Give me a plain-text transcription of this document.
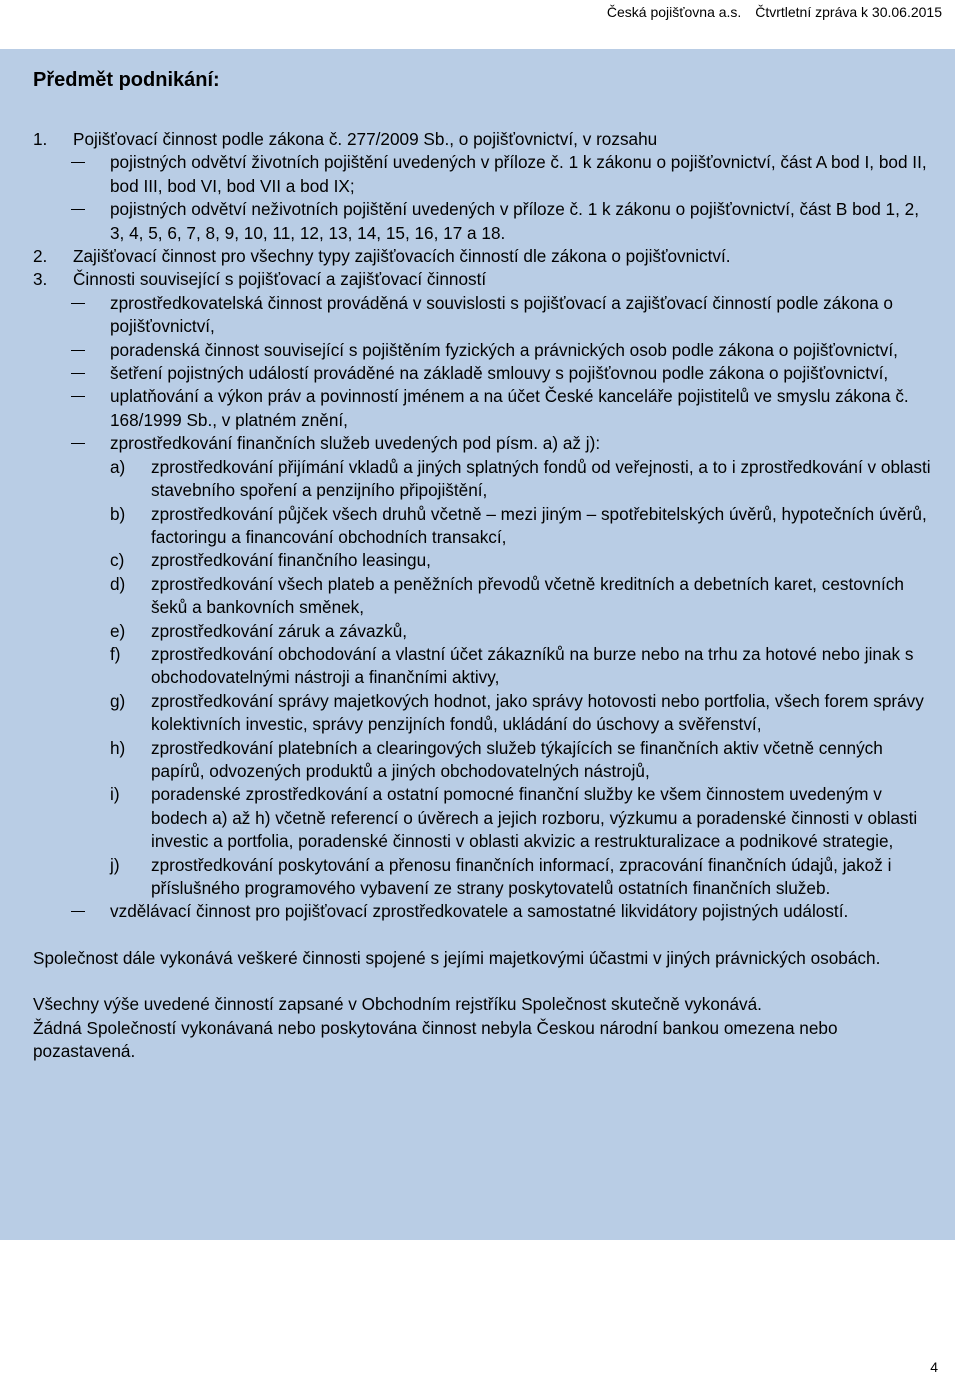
Česká pojišťovna a.s. Čtvrtletní zpráva k 30.06.2015
Předmět podnikání:
1. Pojišťovací činnost podle zákona č. 277/2009 Sb., o pojišťovnictví, v rozsahu
pojistných odvětví životních pojištění uvedených v příloze č. 1 k zákonu o pojišťovnictví, část A bod I, bod II, bod III, bod VI, bod VII a bod IX;
pojistných odvětví neživotních pojištění uvedených v příloze č. 1 k zákonu o pojišťovnictví, část B bod 1, 2, 3, 4, 5, 6, 7, 8, 9, 10, 11, 12, 13, 14, 15, 16, 17 a 18.
2. Zajišťovací činnost pro všechny typy zajišťovacích činností dle zákona o pojišťovnictví.
3. Činnosti související s pojišťovací a zajišťovací činností
zprostředkovatelská činnost prováděná v souvislosti s pojišťovací a zajišťovací činností podle zákona o pojišťovnictví,
poradenská činnost související s pojištěním fyzických a právnických osob podle zákona o pojišťovnictví,
šetření pojistných událostí prováděné na základě smlouvy s pojišťovnou podle zákona o pojišťovnictví,
uplatňování a výkon práv a povinností jménem a na účet České kanceláře pojistitelů ve smyslu zákona č. 168/1999 Sb., v platném znění,
zprostředkování finančních služeb uvedených pod písm. a) až j):
a) zprostředkování přijímání vkladů a jiných splatných fondů od veřejnosti, a to i zprostředkování v oblasti stavebního spoření a penzijního připojištění,
b) zprostředkování půjček všech druhů včetně – mezi jiným – spotřebitelských úvěrů, hypotečních úvěrů, factoringu a financování obchodních transakcí,
c) zprostředkování finančního leasingu,
d) zprostředkování všech plateb a peněžních převodů včetně kreditních a debetních karet, cestovních šeků a bankovních směnek,
e) zprostředkování záruk a závazků,
f) zprostředkování obchodování a vlastní účet zákazníků na burze nebo na trhu za hotové nebo jinak s obchodovatelnými nástroji a finančními aktivy,
g) zprostředkování správy majetkových hodnot, jako správy hotovosti nebo portfolia, všech forem správy kolektivních investic, správy penzijních fondů, ukládání do úschovy a svěřenství,
h) zprostředkování platebních a clearingových služeb týkajících se finančních aktiv včetně cenných papírů, odvozených produktů a jiných obchodovatelných nástrojů,
i) poradenské zprostředkování a ostatní pomocné finanční služby ke všem činnostem uvedeným v bodech a) až h) včetně referencí o úvěrech a jejich rozboru, výzkumu a poradenské činnosti v oblasti investic a portfolia, poradenské činnosti v oblasti akvizic a restrukturalizace a podnikové strategie,
j) zprostředkování poskytování a přenosu finančních informací, zpracování finančních údajů, jakož i příslušného programového vybavení ze strany poskytovatelů ostatních finančních služeb.
vzdělávací činnost pro pojišťovací zprostředkovatele a samostatné likvidátory pojistných událostí.
Společnost dále vykonává veškeré činnosti spojené s jejími majetkovými účastmi v jiných právnických osobách.
Všechny výše uvedené činností zapsané v Obchodním rejstříku Společnost skutečně vykonává.
Žádná Společností vykonávaná nebo poskytována činnost nebyla Českou národní bankou omezena nebo pozastavená.
4
